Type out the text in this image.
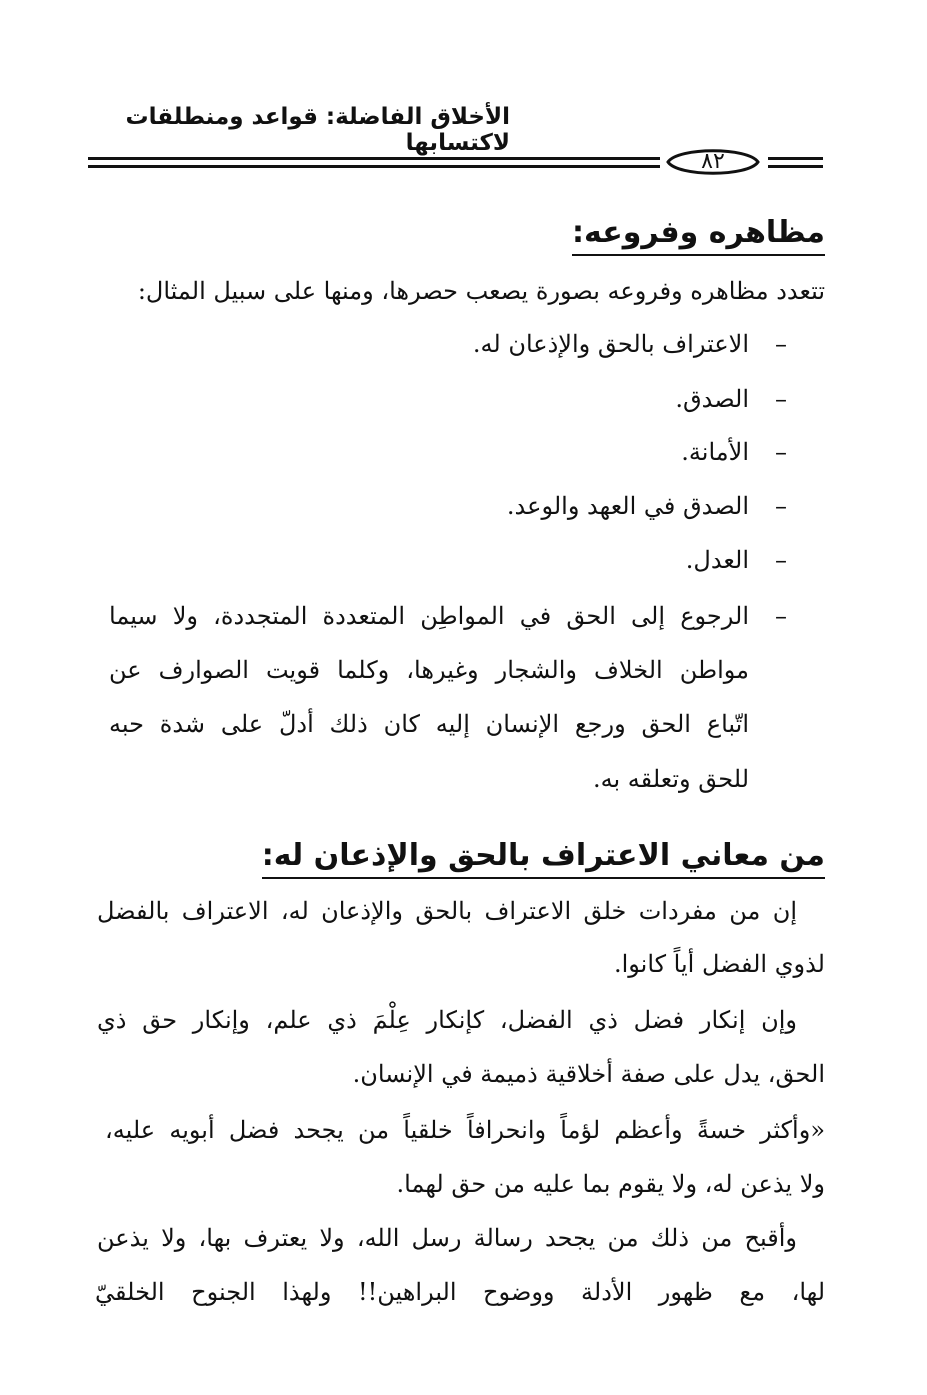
الأخلاق الفاضلة: قواعد ومنطلقات لاكتسابها
٨٢
مظاهره وفروعه:
تتعدد مظاهره وفروعه بصورة يصعب حصرها، ومنها على سبيل المثال:
–
الاعتراف بالحق والإذعان له.
–
الصدق.
–
الأمانة.
–
الصدق في العهد والوعد.
–
العدل.
–
الرجوع إلى الحق في المواطِن المتعددة المتجددة، ولا سيما
مواطن الخلاف والشجار وغيرها، وكلما قويت الصوارف عن
اتّباع الحق ورجع الإنسان إليه كان ذلك أدلّ على شدة حبه
للحق وتعلقه به.
من معاني الاعتراف بالحق والإذعان له:
إن من مفردات خلق الاعتراف بالحق والإذعان له، الاعتراف بالفضل
لذوي الفضل أياً كانوا.
وإن إنكار فضل ذي الفضل، كإنكار عِلْمَ ذي علم، وإنكار حق ذي
الحق، يدل على صفة أخلاقية ذميمة في الإنسان.
«وأكثر خسةً وأعظم لؤماً وانحرافاً خلقياً من يجحد فضل أبويه عليه،
ولا يذعن له، ولا يقوم بما عليه من حق لهما.
وأقبح من ذلك من يجحد رسالة رسل الله، ولا يعترف بها، ولا يذعن
لها، مع ظهور الأدلة ووضوح البراهين!! ولهذا الجنوح الخلقيّ
